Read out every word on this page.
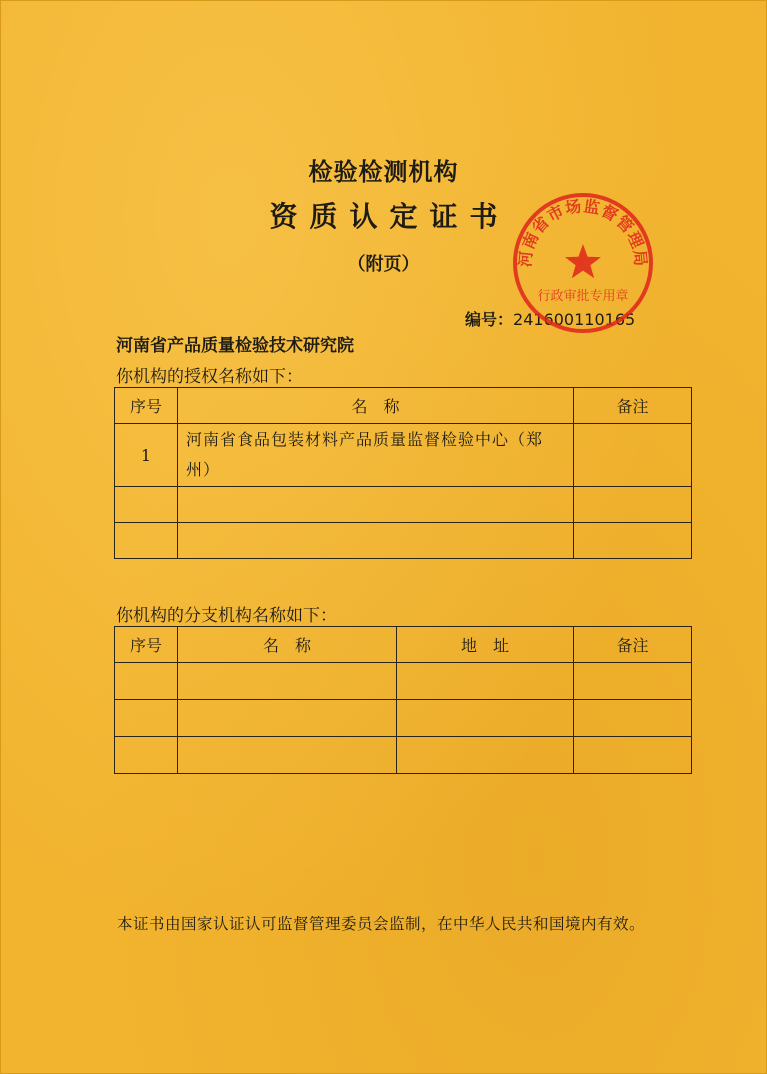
检验检测机构
资质认定证书
（附页）
编号：241600110165
河南省产品质量检验技术研究院
你机构的授权名称如下：
序号	名　称	备注
1	河南省食品包装材料产品质量监督检验中心（郑州）	

你机构的分支机构名称如下：
序号	名　称	地　址	备注

本证书由国家认证认可监督管理委员会监制，在中华人民共和国境内有效。
河南省市场监督管理局
行政审批专用章
